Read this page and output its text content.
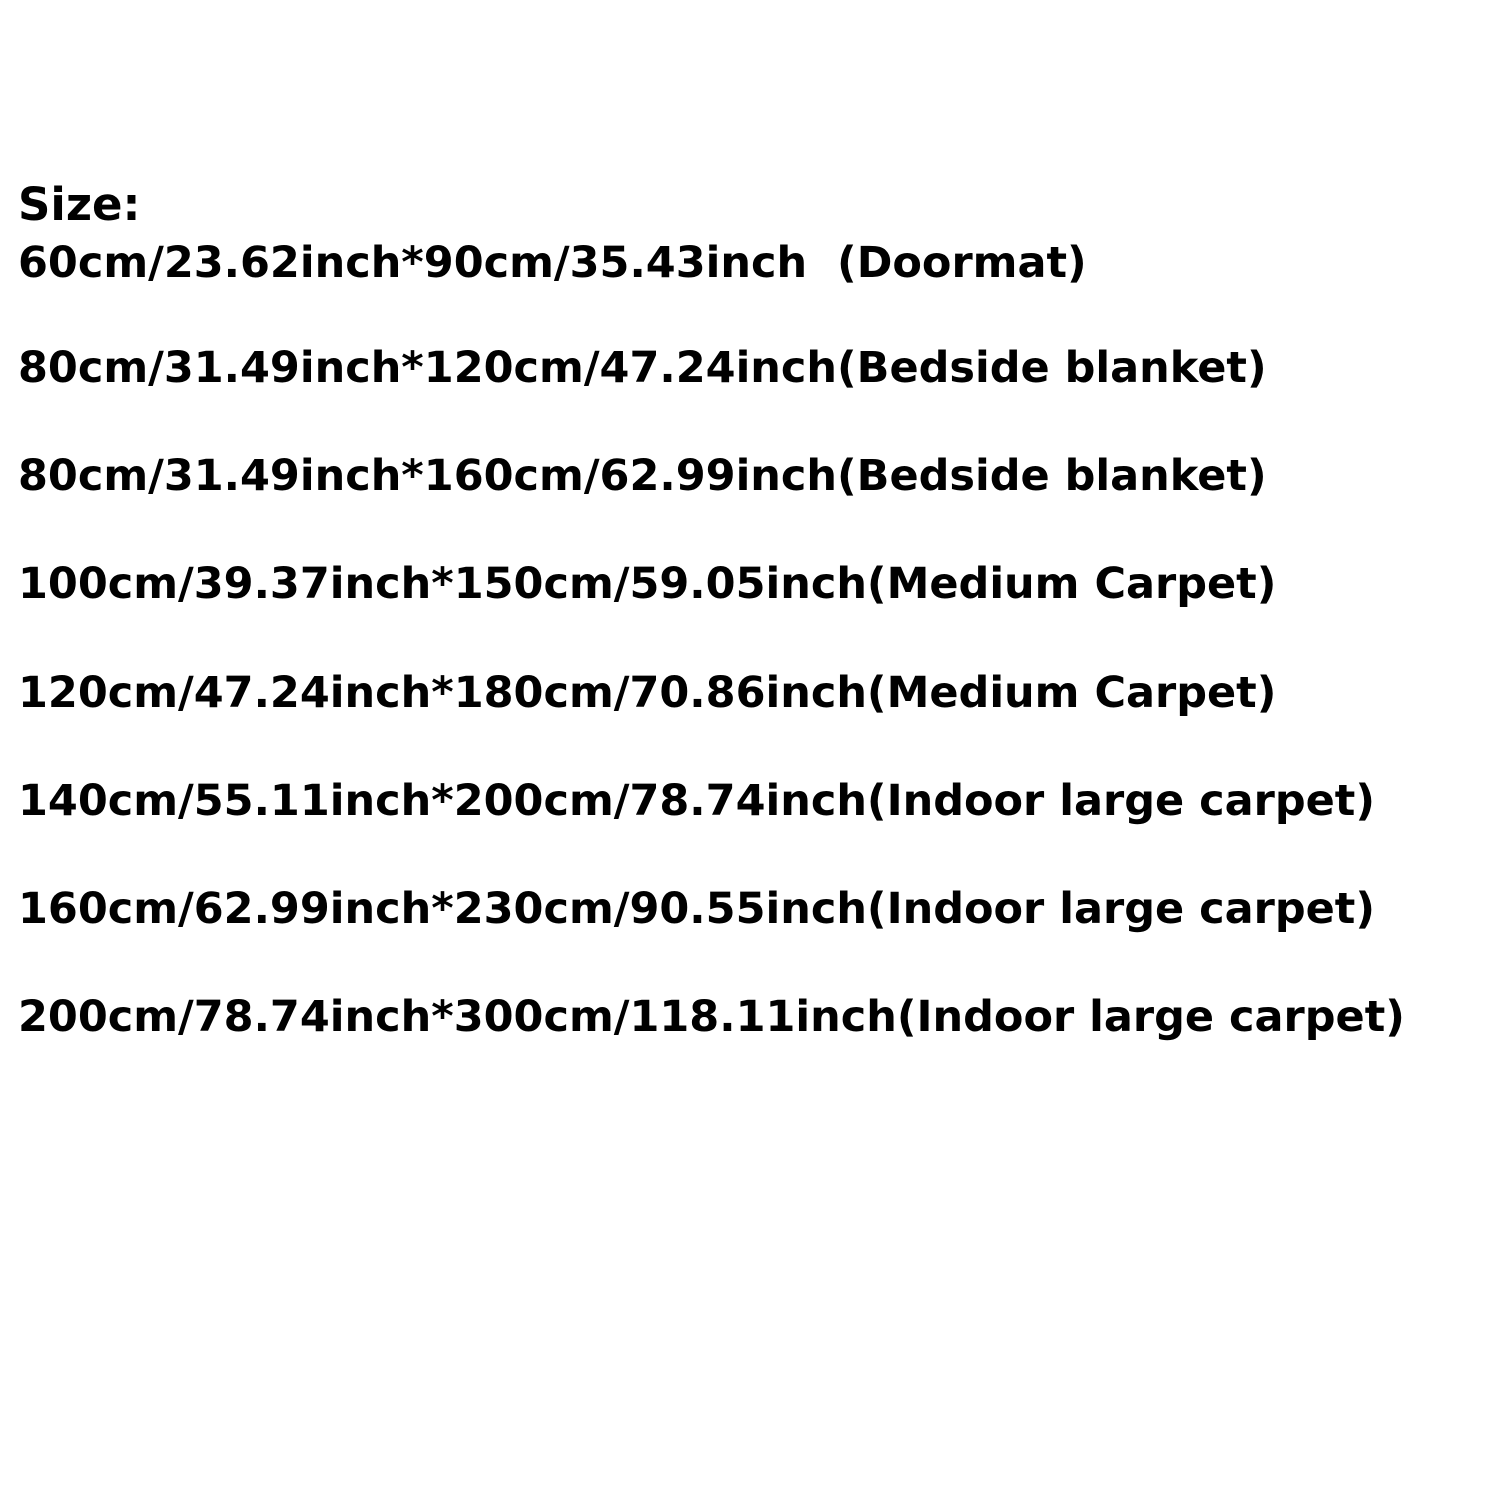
Size:
60cm/23.62inch*90cm/35.43inch  (Doormat)
80cm/31.49inch*120cm/47.24inch(Bedside blanket)
80cm/31.49inch*160cm/62.99inch(Bedside blanket)
100cm/39.37inch*150cm/59.05inch(Medium Carpet)
120cm/47.24inch*180cm/70.86inch(Medium Carpet)
140cm/55.11inch*200cm/78.74inch(Indoor large carpet)
160cm/62.99inch*230cm/90.55inch(Indoor large carpet)
200cm/78.74inch*300cm/118.11inch(Indoor large carpet)
